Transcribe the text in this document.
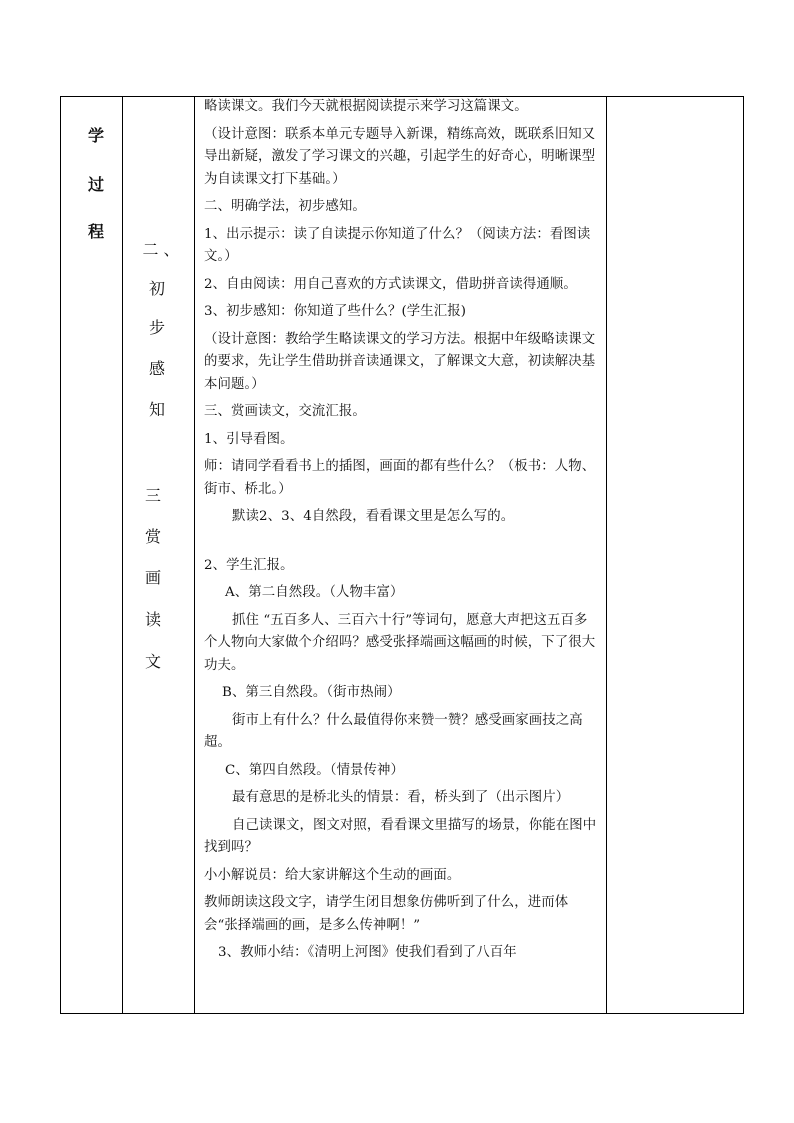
学
过
程
二 、
初
步
感
知
三
赏
画
读
文

略读课文。我们今天就根据阅读提示来学习这篇课文。

（设计意图：联系本单元专题导入新课，精练高效，既联系旧知又导出新疑，激发了学习课文的兴趣，引起学生的好奇心，明晰课型为自读课文打下基础。）

二、明确学法，初步感知。

1、出示提示：读了自读提示你知道了什么？（阅读方法：看图读文。）

2、自由阅读：用自己喜欢的方式读课文，借助拼音读得通顺。

3、初步感知：你知道了些什么？(学生汇报)

（设计意图：教给学生略读课文的学习方法。根据中年级略读课文的要求，先让学生借助拼音读通课文，了解课文大意，初读解决基本问题。）

三、赏画读文，交流汇报。

1、引导看图。

师：请同学看看书上的插图，画面的都有些什么？（板书：人物、街市、桥北。）

默读2、3、4自然段，看看课文里是怎么写的。

2、学生汇报。

A、第二自然段。（人物丰富）

抓住 “五百多人、三百六十行”等词句，愿意大声把这五百多个人物向大家做个介绍吗？感受张择端画这幅画的时候，下了很大功夫。

B、第三自然段。（街市热闹）

街市上有什么？什么最值得你来赞一赞？感受画家画技之高超。

C、第四自然段。（情景传神）

最有意思的是桥北头的情景：看，桥头到了（出示图片）

自己读课文，图文对照，看看课文里描写的场景，你能在图中找到吗？

小小解说员：给大家讲解这个生动的画面。

教师朗读这段文字，请学生闭目想象仿佛听到了什么，进而体会“张择端画的画，是多么传神啊！”

3、教师小结：《清明上河图》使我们看到了八百年
